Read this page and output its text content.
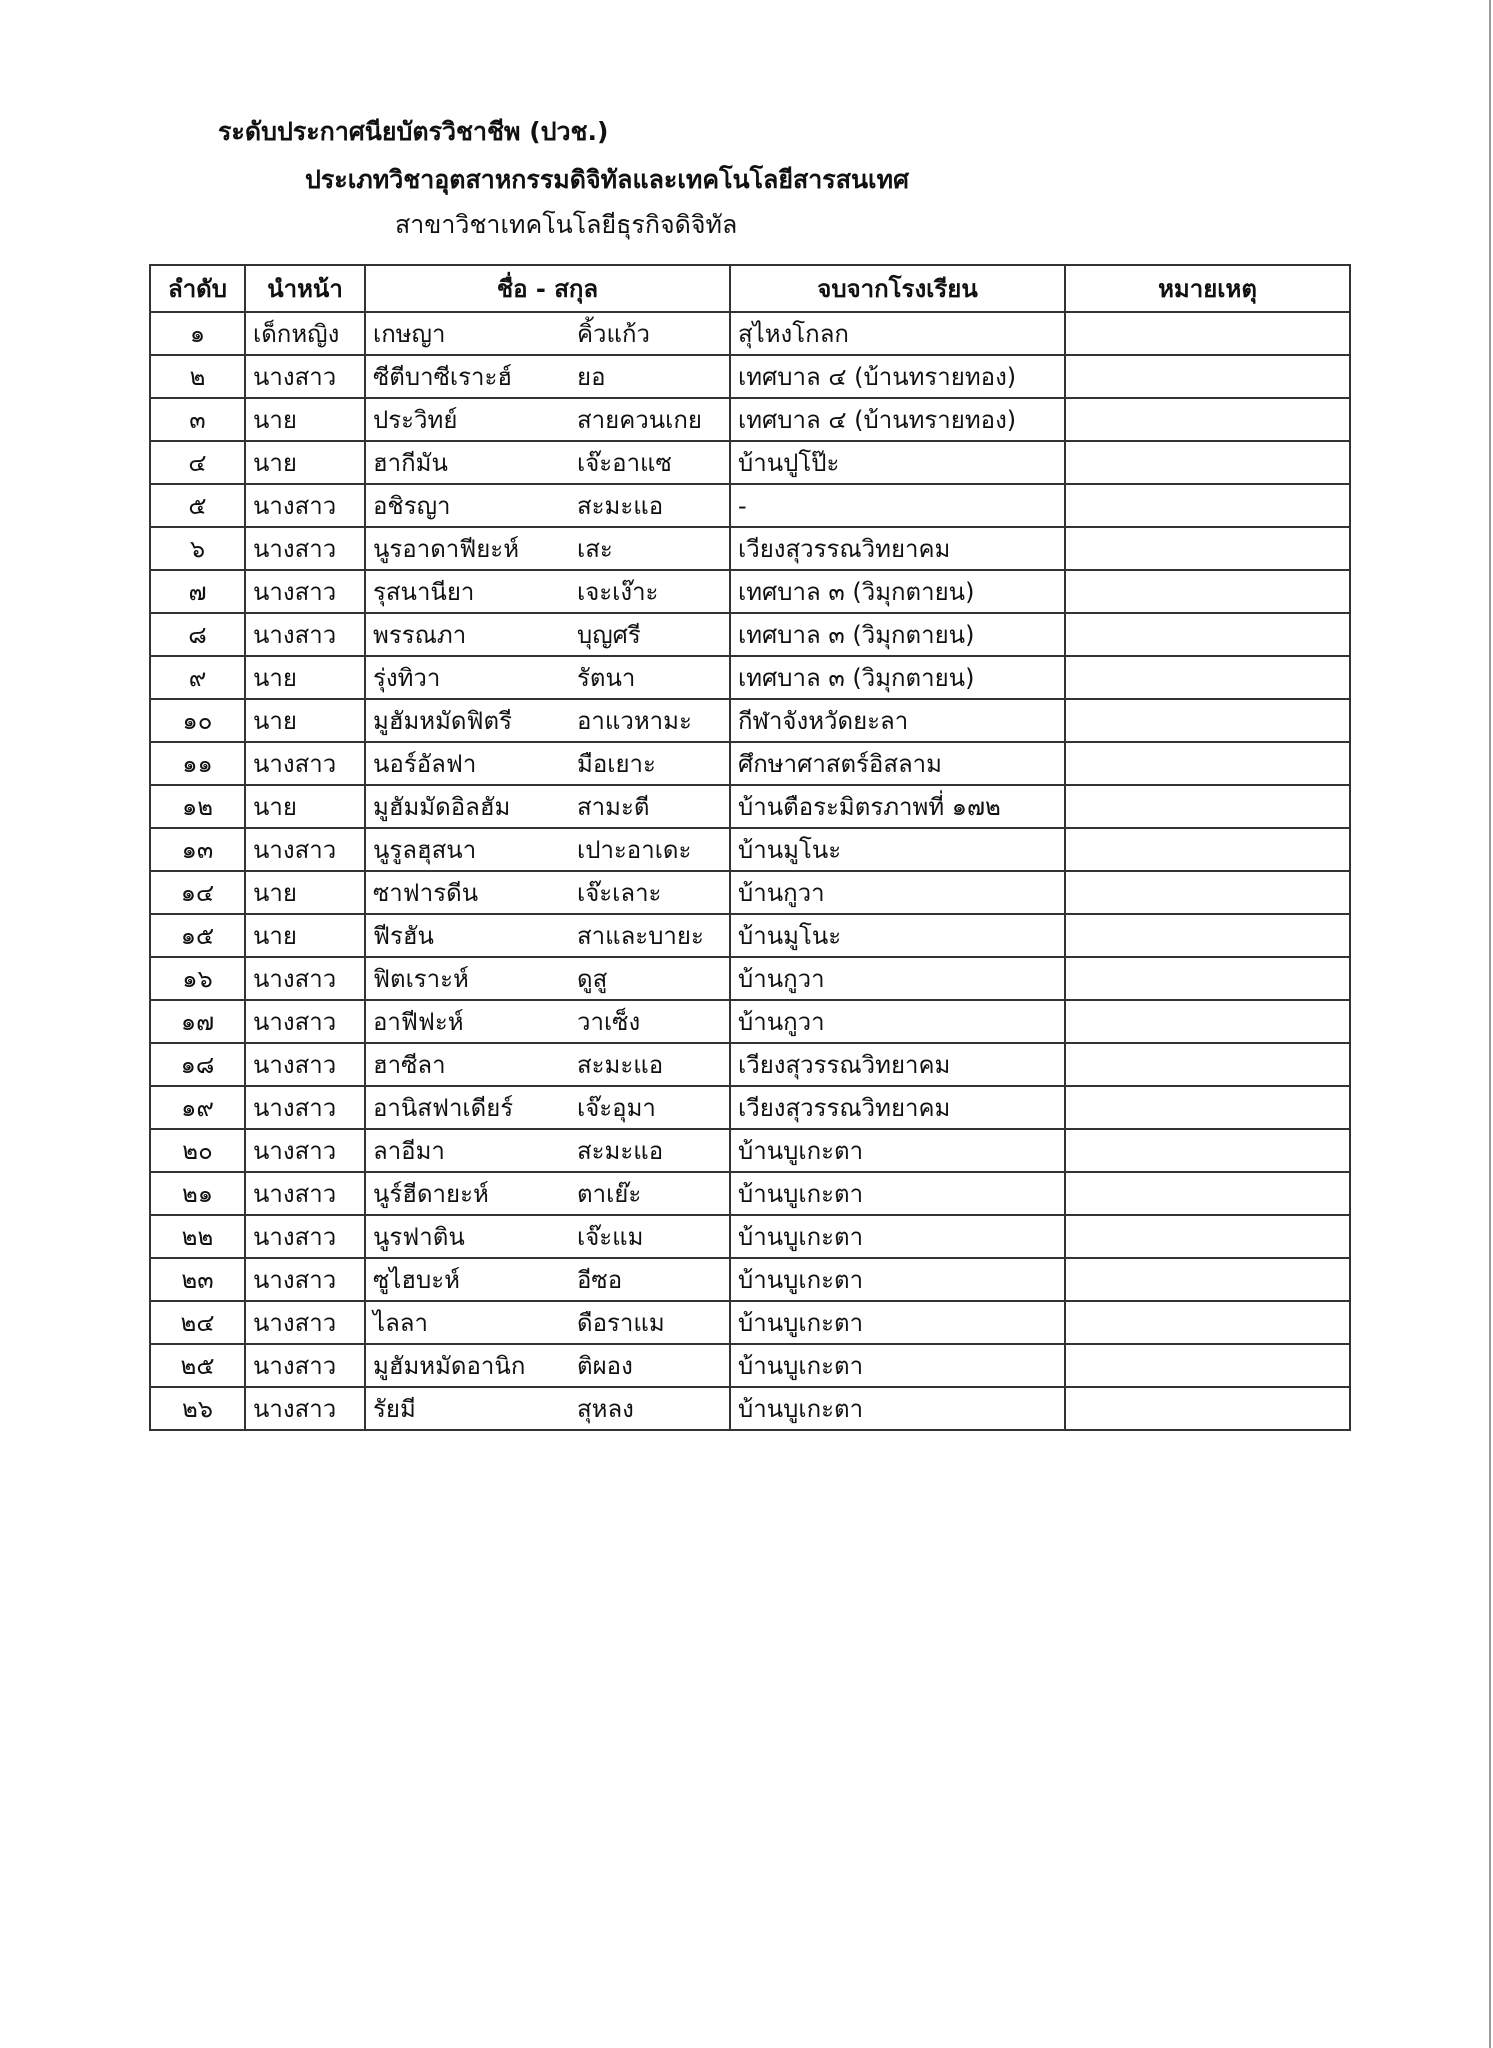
ระดับประกาศนียบัตรวิชาชีพ (ปวช.)
ประเภทวิชาอุตสาหกรรมดิจิทัลและเทคโนโลยีสารสนเทศ
สาขาวิชาเทคโนโลยีธุรกิจดิจิทัล
ลำดับ	นำหน้า	ชื่อ - สกุล		จบจากโรงเรียน	หมายเหตุ
๑	เด็กหญิง	เกษญา	คิ้วแก้ว	สุไหงโกลก	
๒	นางสาว	ซีตีบาซีเราะฮ์	ยอ	เทศบาล ๔ (บ้านทรายทอง)	
๓	นาย	ประวิทย์	สายควนเกย	เทศบาล ๔ (บ้านทรายทอง)	
๔	นาย	ฮากีมัน	เจ๊ะอาแซ	บ้านปูโป๊ะ	
๕	นางสาว	อชิรญา	สะมะแอ	-	
๖	นางสาว	นูรอาดาฟียะห์	เสะ	เวียงสุวรรณวิทยาคม	
๗	นางสาว	รุสนานียา	เจะเง๊าะ	เทศบาล ๓ (วิมุกตายน)	
๘	นางสาว	พรรณภา	บุญศรี	เทศบาล ๓ (วิมุกตายน)	
๙	นาย	รุ่งทิวา	รัตนา	เทศบาล ๓ (วิมุกตายน)	
๑๐	นาย	มูฮัมหมัดฟิตรี	อาแวหามะ	กีฬาจังหวัดยะลา	
๑๑	นางสาว	นอร์อัลฟา	มือเยาะ	ศึกษาศาสตร์อิสลาม	
๑๒	นาย	มูฮัมมัดอิลฮัม	สามะตี	บ้านตือระมิตรภาพที่ ๑๗๒	
๑๓	นางสาว	นูรูลฮุสนา	เปาะอาเดะ	บ้านมูโนะ	
๑๔	นาย	ซาฟารดีน	เจ๊ะเลาะ	บ้านกูวา	
๑๕	นาย	ฟีรฮัน	สาและบายะ	บ้านมูโนะ	
๑๖	นางสาว	ฟิตเราะห์	ดูสู	บ้านกูวา	
๑๗	นางสาว	อาฟีฟะห์	วาเซ็ง	บ้านกูวา	
๑๘	นางสาว	ฮาซีลา	สะมะแอ	เวียงสุวรรณวิทยาคม	
๑๙	นางสาว	อานิสฟาเดียร์	เจ๊ะอุมา	เวียงสุวรรณวิทยาคม	
๒๐	นางสาว	ลาอีมา	สะมะแอ	บ้านบูเกะตา	
๒๑	นางสาว	นูร์ฮีดายะห์	ตาเย๊ะ	บ้านบูเกะตา	
๒๒	นางสาว	นูรฟาติน	เจ๊ะแม	บ้านบูเกะตา	
๒๓	นางสาว	ซูไฮบะห์	อีซอ	บ้านบูเกะตา	
๒๔	นางสาว	ไลลา	ดือราแม	บ้านบูเกะตา	
๒๕	นางสาว	มูฮัมหมัดอานิก	ติผอง	บ้านบูเกะตา	
๒๖	นางสาว	รัยมี	สุหลง	บ้านบูเกะตา	
